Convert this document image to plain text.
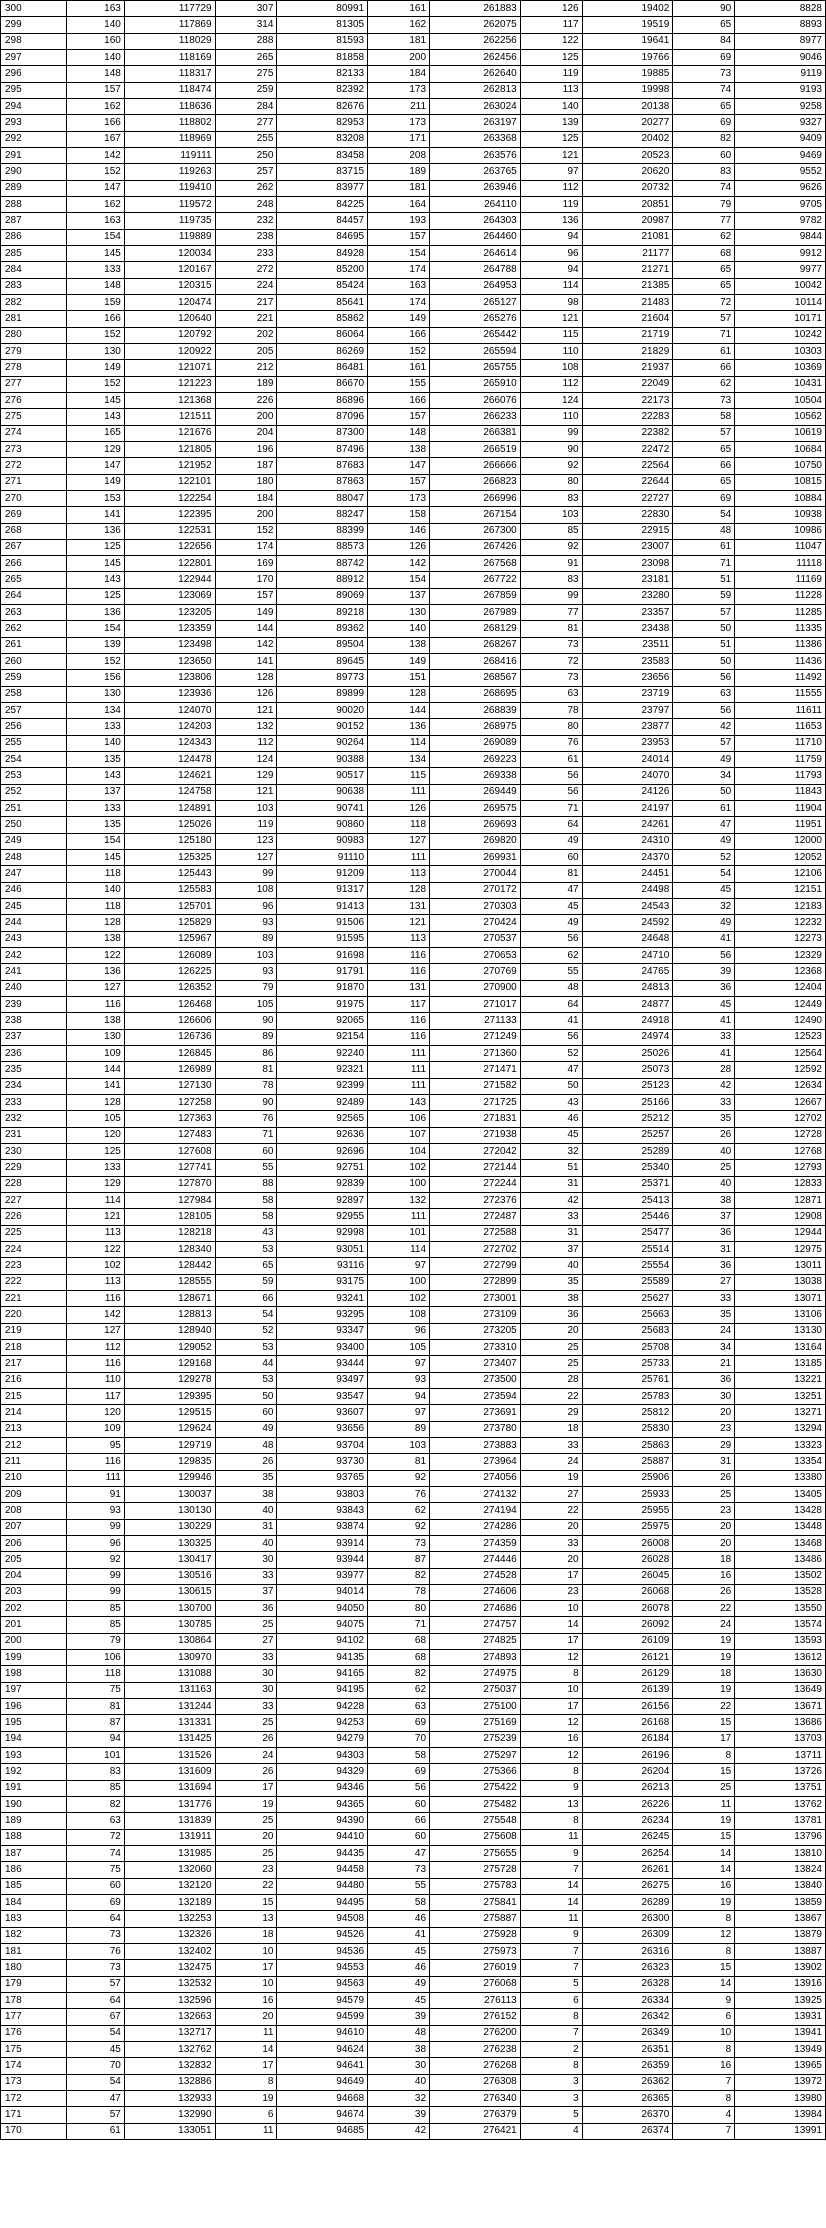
300	163	117729	307	80991	161	261883	126	19402	90	8828
299	140	117869	314	81305	162	262075	117	19519	65	8893
298	160	118029	288	81593	181	262256	122	19641	84	8977
297	140	118169	265	81858	200	262456	125	19766	69	9046
296	148	118317	275	82133	184	262640	119	19885	73	9119
295	157	118474	259	82392	173	262813	113	19998	74	9193
294	162	118636	284	82676	211	263024	140	20138	65	9258
293	166	118802	277	82953	173	263197	139	20277	69	9327
292	167	118969	255	83208	171	263368	125	20402	82	9409
291	142	119111	250	83458	208	263576	121	20523	60	9469
290	152	119263	257	83715	189	263765	97	20620	83	9552
289	147	119410	262	83977	181	263946	112	20732	74	9626
288	162	119572	248	84225	164	264110	119	20851	79	9705
287	163	119735	232	84457	193	264303	136	20987	77	9782
286	154	119889	238	84695	157	264460	94	21081	62	9844
285	145	120034	233	84928	154	264614	96	21177	68	9912
284	133	120167	272	85200	174	264788	94	21271	65	9977
283	148	120315	224	85424	163	264953	114	21385	65	10042
282	159	120474	217	85641	174	265127	98	21483	72	10114
281	166	120640	221	85862	149	265276	121	21604	57	10171
280	152	120792	202	86064	166	265442	115	21719	71	10242
279	130	120922	205	86269	152	265594	110	21829	61	10303
278	149	121071	212	86481	161	265755	108	21937	66	10369
277	152	121223	189	86670	155	265910	112	22049	62	10431
276	145	121368	226	86896	166	266076	124	22173	73	10504
275	143	121511	200	87096	157	266233	110	22283	58	10562
274	165	121676	204	87300	148	266381	99	22382	57	10619
273	129	121805	196	87496	138	266519	90	22472	65	10684
272	147	121952	187	87683	147	266666	92	22564	66	10750
271	149	122101	180	87863	157	266823	80	22644	65	10815
270	153	122254	184	88047	173	266996	83	22727	69	10884
269	141	122395	200	88247	158	267154	103	22830	54	10938
268	136	122531	152	88399	146	267300	85	22915	48	10986
267	125	122656	174	88573	126	267426	92	23007	61	11047
266	145	122801	169	88742	142	267568	91	23098	71	11118
265	143	122944	170	88912	154	267722	83	23181	51	11169
264	125	123069	157	89069	137	267859	99	23280	59	11228
263	136	123205	149	89218	130	267989	77	23357	57	11285
262	154	123359	144	89362	140	268129	81	23438	50	11335
261	139	123498	142	89504	138	268267	73	23511	51	11386
260	152	123650	141	89645	149	268416	72	23583	50	11436
259	156	123806	128	89773	151	268567	73	23656	56	11492
258	130	123936	126	89899	128	268695	63	23719	63	11555
257	134	124070	121	90020	144	268839	78	23797	56	11611
256	133	124203	132	90152	136	268975	80	23877	42	11653
255	140	124343	112	90264	114	269089	76	23953	57	11710
254	135	124478	124	90388	134	269223	61	24014	49	11759
253	143	124621	129	90517	115	269338	56	24070	34	11793
252	137	124758	121	90638	111	269449	56	24126	50	11843
251	133	124891	103	90741	126	269575	71	24197	61	11904
250	135	125026	119	90860	118	269693	64	24261	47	11951
249	154	125180	123	90983	127	269820	49	24310	49	12000
248	145	125325	127	91110	111	269931	60	24370	52	12052
247	118	125443	99	91209	113	270044	81	24451	54	12106
246	140	125583	108	91317	128	270172	47	24498	45	12151
245	118	125701	96	91413	131	270303	45	24543	32	12183
244	128	125829	93	91506	121	270424	49	24592	49	12232
243	138	125967	89	91595	113	270537	56	24648	41	12273
242	122	126089	103	91698	116	270653	62	24710	56	12329
241	136	126225	93	91791	116	270769	55	24765	39	12368
240	127	126352	79	91870	131	270900	48	24813	36	12404
239	116	126468	105	91975	117	271017	64	24877	45	12449
238	138	126606	90	92065	116	271133	41	24918	41	12490
237	130	126736	89	92154	116	271249	56	24974	33	12523
236	109	126845	86	92240	111	271360	52	25026	41	12564
235	144	126989	81	92321	111	271471	47	25073	28	12592
234	141	127130	78	92399	111	271582	50	25123	42	12634
233	128	127258	90	92489	143	271725	43	25166	33	12667
232	105	127363	76	92565	106	271831	46	25212	35	12702
231	120	127483	71	92636	107	271938	45	25257	26	12728
230	125	127608	60	92696	104	272042	32	25289	40	12768
229	133	127741	55	92751	102	272144	51	25340	25	12793
228	129	127870	88	92839	100	272244	31	25371	40	12833
227	114	127984	58	92897	132	272376	42	25413	38	12871
226	121	128105	58	92955	111	272487	33	25446	37	12908
225	113	128218	43	92998	101	272588	31	25477	36	12944
224	122	128340	53	93051	114	272702	37	25514	31	12975
223	102	128442	65	93116	97	272799	40	25554	36	13011
222	113	128555	59	93175	100	272899	35	25589	27	13038
221	116	128671	66	93241	102	273001	38	25627	33	13071
220	142	128813	54	93295	108	273109	36	25663	35	13106
219	127	128940	52	93347	96	273205	20	25683	24	13130
218	112	129052	53	93400	105	273310	25	25708	34	13164
217	116	129168	44	93444	97	273407	25	25733	21	13185
216	110	129278	53	93497	93	273500	28	25761	36	13221
215	117	129395	50	93547	94	273594	22	25783	30	13251
214	120	129515	60	93607	97	273691	29	25812	20	13271
213	109	129624	49	93656	89	273780	18	25830	23	13294
212	95	129719	48	93704	103	273883	33	25863	29	13323
211	116	129835	26	93730	81	273964	24	25887	31	13354
210	111	129946	35	93765	92	274056	19	25906	26	13380
209	91	130037	38	93803	76	274132	27	25933	25	13405
208	93	130130	40	93843	62	274194	22	25955	23	13428
207	99	130229	31	93874	92	274286	20	25975	20	13448
206	96	130325	40	93914	73	274359	33	26008	20	13468
205	92	130417	30	93944	87	274446	20	26028	18	13486
204	99	130516	33	93977	82	274528	17	26045	16	13502
203	99	130615	37	94014	78	274606	23	26068	26	13528
202	85	130700	36	94050	80	274686	10	26078	22	13550
201	85	130785	25	94075	71	274757	14	26092	24	13574
200	79	130864	27	94102	68	274825	17	26109	19	13593
199	106	130970	33	94135	68	274893	12	26121	19	13612
198	118	131088	30	94165	82	274975	8	26129	18	13630
197	75	131163	30	94195	62	275037	10	26139	19	13649
196	81	131244	33	94228	63	275100	17	26156	22	13671
195	87	131331	25	94253	69	275169	12	26168	15	13686
194	94	131425	26	94279	70	275239	16	26184	17	13703
193	101	131526	24	94303	58	275297	12	26196	8	13711
192	83	131609	26	94329	69	275366	8	26204	15	13726
191	85	131694	17	94346	56	275422	9	26213	25	13751
190	82	131776	19	94365	60	275482	13	26226	11	13762
189	63	131839	25	94390	66	275548	8	26234	19	13781
188	72	131911	20	94410	60	275608	11	26245	15	13796
187	74	131985	25	94435	47	275655	9	26254	14	13810
186	75	132060	23	94458	73	275728	7	26261	14	13824
185	60	132120	22	94480	55	275783	14	26275	16	13840
184	69	132189	15	94495	58	275841	14	26289	19	13859
183	64	132253	13	94508	46	275887	11	26300	8	13867
182	73	132326	18	94526	41	275928	9	26309	12	13879
181	76	132402	10	94536	45	275973	7	26316	8	13887
180	73	132475	17	94553	46	276019	7	26323	15	13902
179	57	132532	10	94563	49	276068	5	26328	14	13916
178	64	132596	16	94579	45	276113	6	26334	9	13925
177	67	132663	20	94599	39	276152	8	26342	6	13931
176	54	132717	11	94610	48	276200	7	26349	10	13941
175	45	132762	14	94624	38	276238	2	26351	8	13949
174	70	132832	17	94641	30	276268	8	26359	16	13965
173	54	132886	8	94649	40	276308	3	26362	7	13972
172	47	132933	19	94668	32	276340	3	26365	8	13980
171	57	132990	6	94674	39	276379	5	26370	4	13984
170	61	133051	11	94685	42	276421	4	26374	7	13991
